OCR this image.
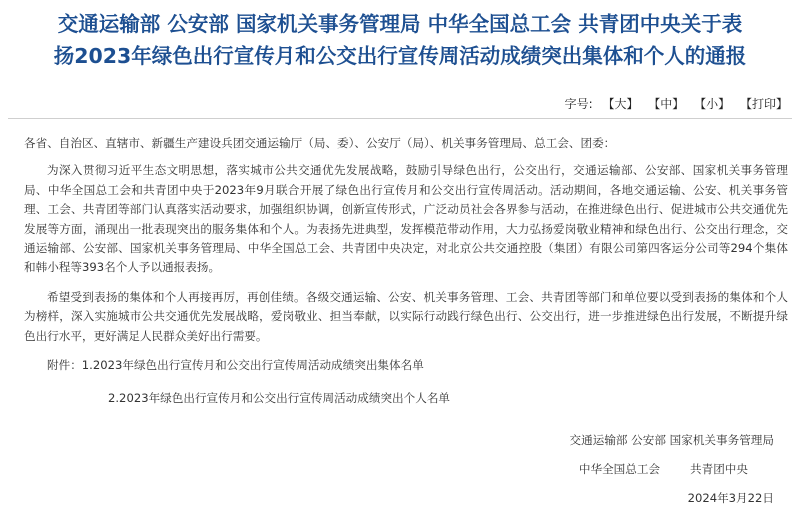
交通运输部 公安部 国家机关事务管理局 中华全国总工会 共青团中央关于表
扬2023年绿色出行宣传月和公交出行宣传周活动成绩突出集体和个人的通报
字号: 【大】 【中】 【小】 【打印】

各省、自治区、直辖市、新疆生产建设兵团交通运输厅（局、委）、公安厅（局）、机关事务管理局、总工会、团委：

为深入贯彻习近平生态文明思想，落实城市公共交通优先发展战略，鼓励引导绿色出行，公交出行，交通运输部、公安部、国家机关事务管理局、中华全国总工会和共青团中央于2023年9月联合开展了绿色出行宣传月和公交出行宣传周活动。活动期间，各地交通运输、公安、机关事务管理、工会、共青团等部门认真落实活动要求，加强组织协调，创新宣传形式，广泛动员社会各界参与活动，在推进绿色出行、促进城市公共交通优先发展等方面，涌现出一批表现突出的服务集体和个人。为表扬先进典型，发挥模范带动作用，大力弘扬爱岗敬业精神和绿色出行、公交出行理念，交通运输部、公安部、国家机关事务管理局、中华全国总工会、共青团中央决定，对北京公共交通控股（集团）有限公司第四客运分公司等294个集体和韩小程等393名个人予以通报表扬。

希望受到表扬的集体和个人再接再厉，再创佳绩。各级交通运输、公安、机关事务管理、工会、共青团等部门和单位要以受到表扬的集体和个人为榜样，深入实施城市公共交通优先发展战略，爱岗敬业、担当奉献，以实际行动践行绿色出行、公交出行，进一步推进绿色出行发展，不断提升绿色出行水平，更好满足人民群众美好出行需要。

附件：1.2023年绿色出行宣传月和公交出行宣传周活动成绩突出集体名单
2.2023年绿色出行宣传月和公交出行宣传周活动成绩突出个人名单
交通运输部 公安部 国家机关事务管理局
中华全国总工会	共青团中央
2024年3月22日
